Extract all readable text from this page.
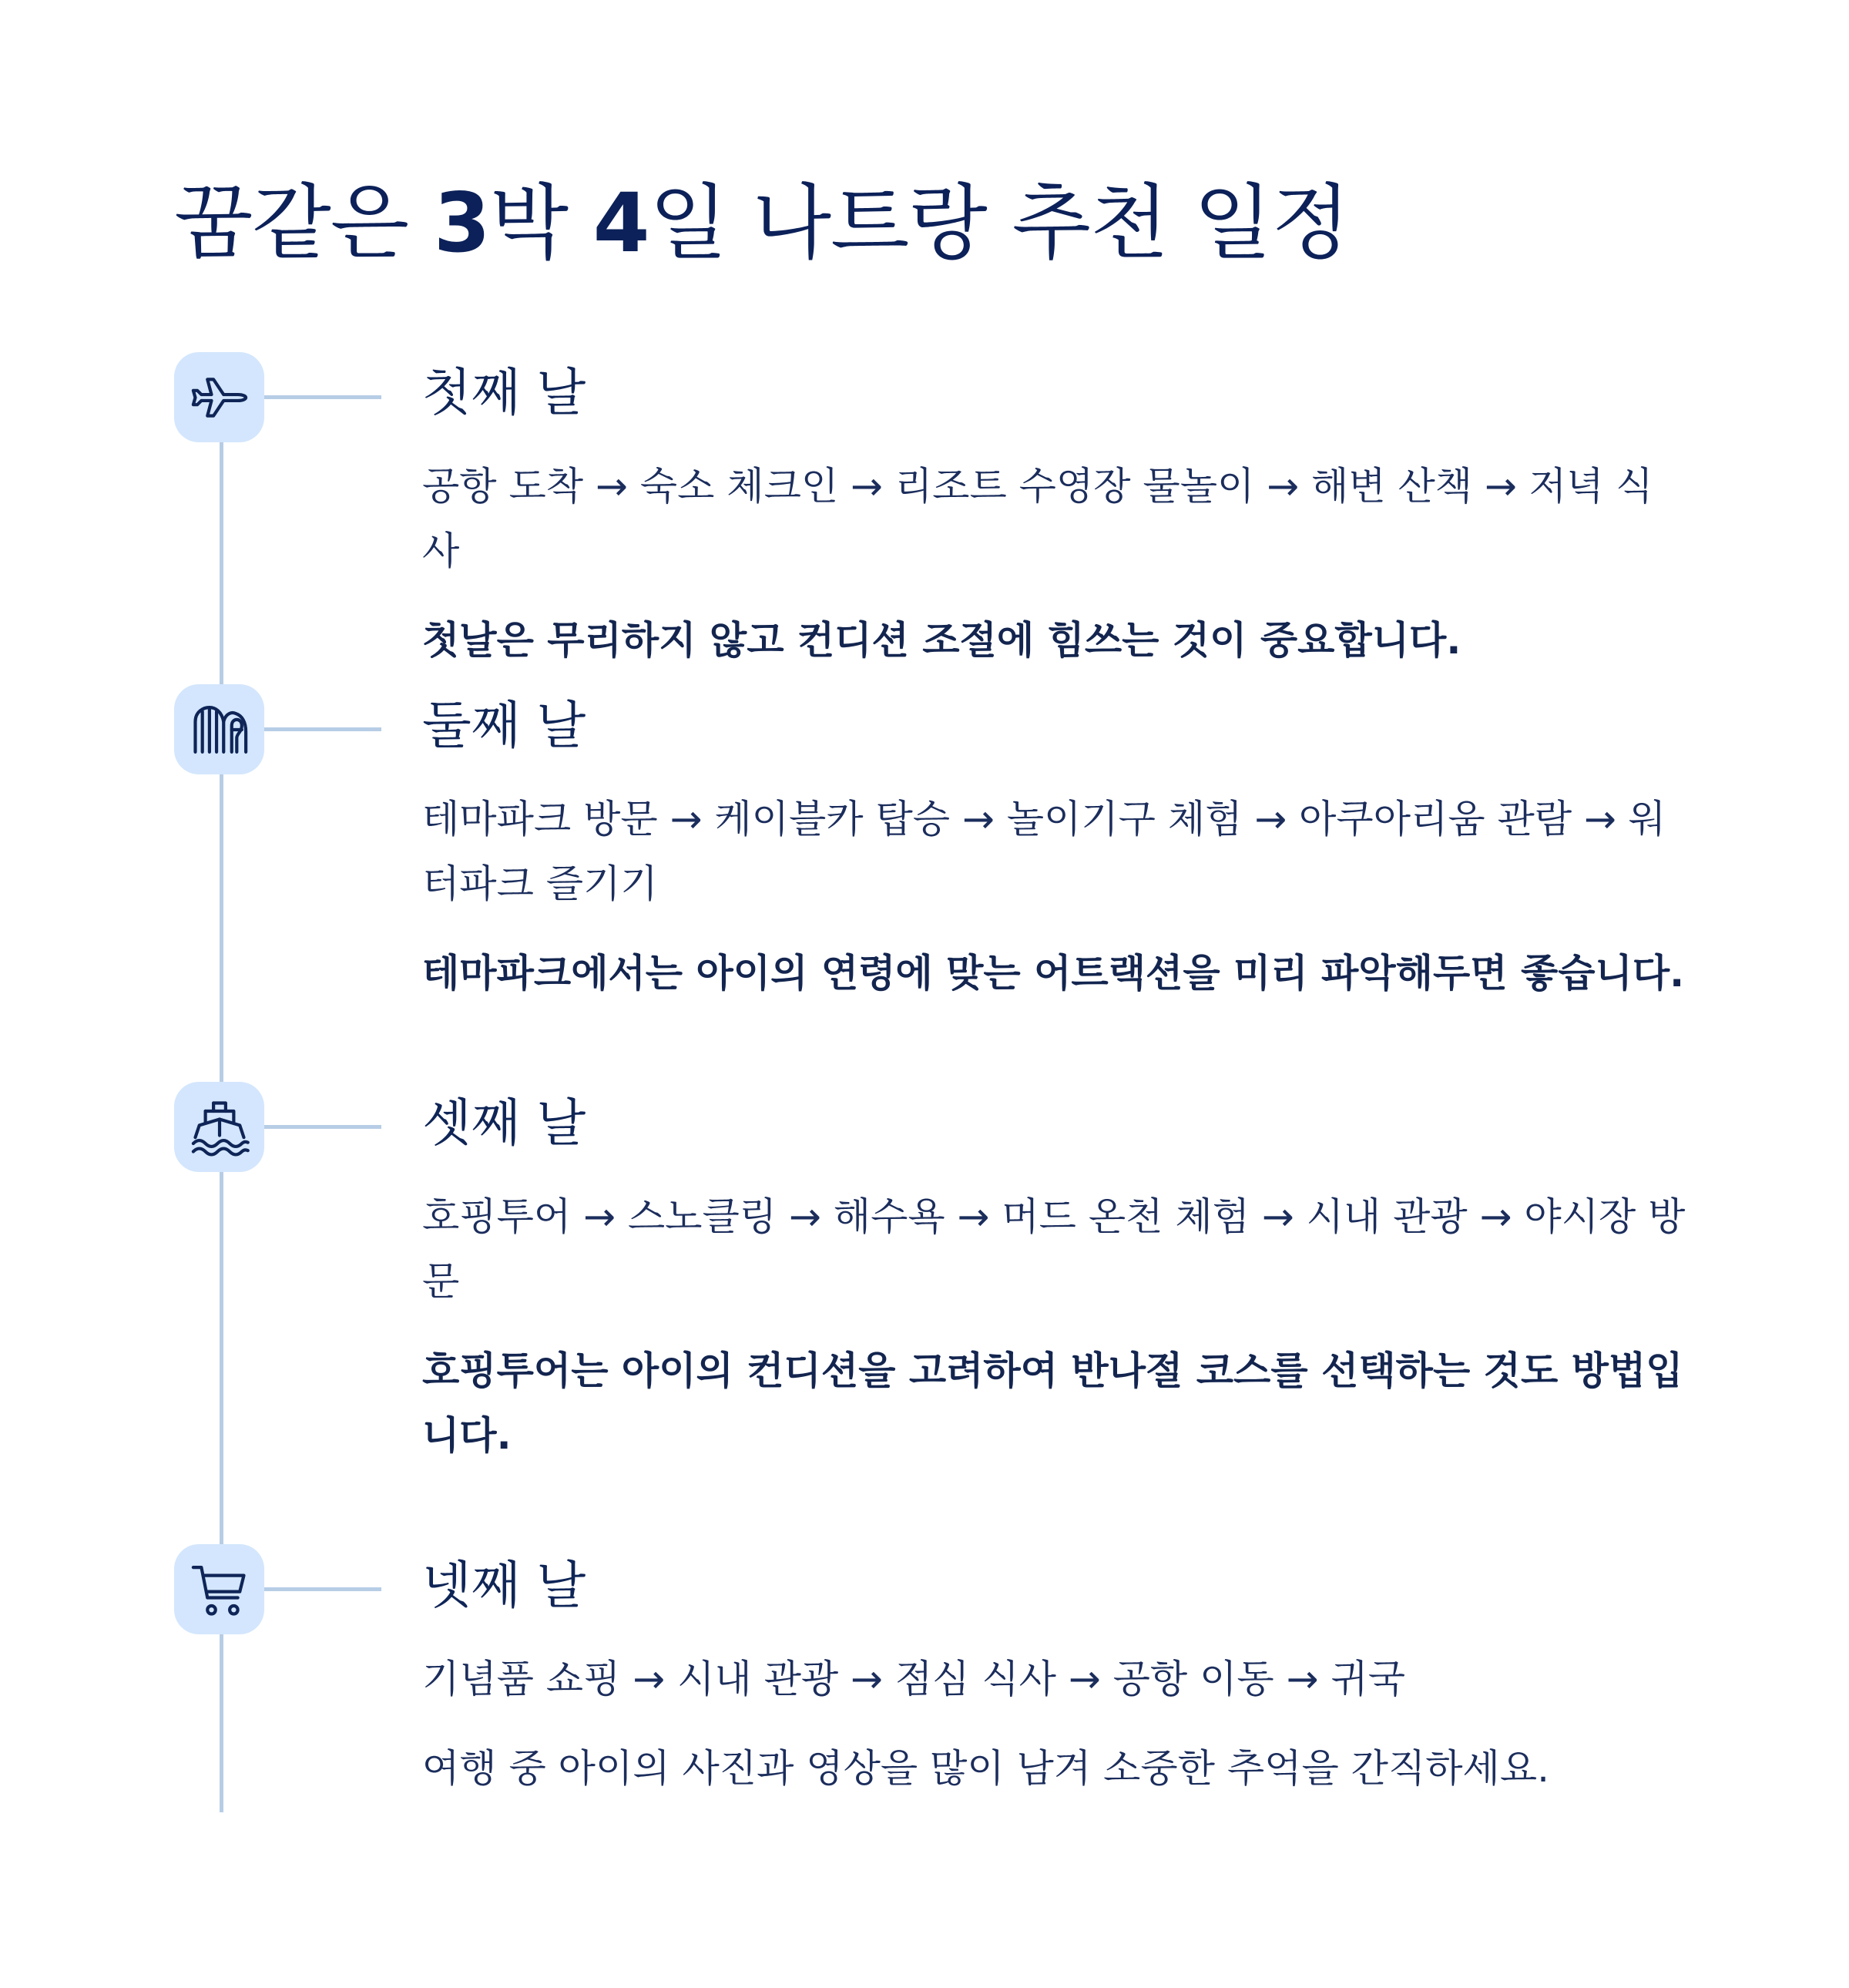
꿈같은 3박 4일 나트랑 추천 일정
첫째 날

공항 도착 → 숙소 체크인 → 리조트 수영장 물놀이 → 해변 산책 → 저녁 식사

첫날은 무리하지 않고 컨디션 조절에 힘쓰는 것이 중요합니다.

둘째 날

테마파크 방문 → 케이블카 탑승 → 놀이기구 체험 → 아쿠아리움 관람 → 워터파크 즐기기

테마파크에서는 아이의 연령에 맞는 어트랙션을 미리 파악해두면 좋습니다.

셋째 날

호핑투어 → 스노클링 → 해수욕 → 머드 온천 체험 → 시내 관광 → 야시장 방문

호핑투어는 아이의 컨디션을 고려하여 반나절 코스를 선택하는 것도 방법입니다.

넷째 날

기념품 쇼핑 → 시내 관광 → 점심 식사 → 공항 이동 → 귀국

여행 중 아이의 사진과 영상을 많이 남겨 소중한 추억을 간직하세요.
